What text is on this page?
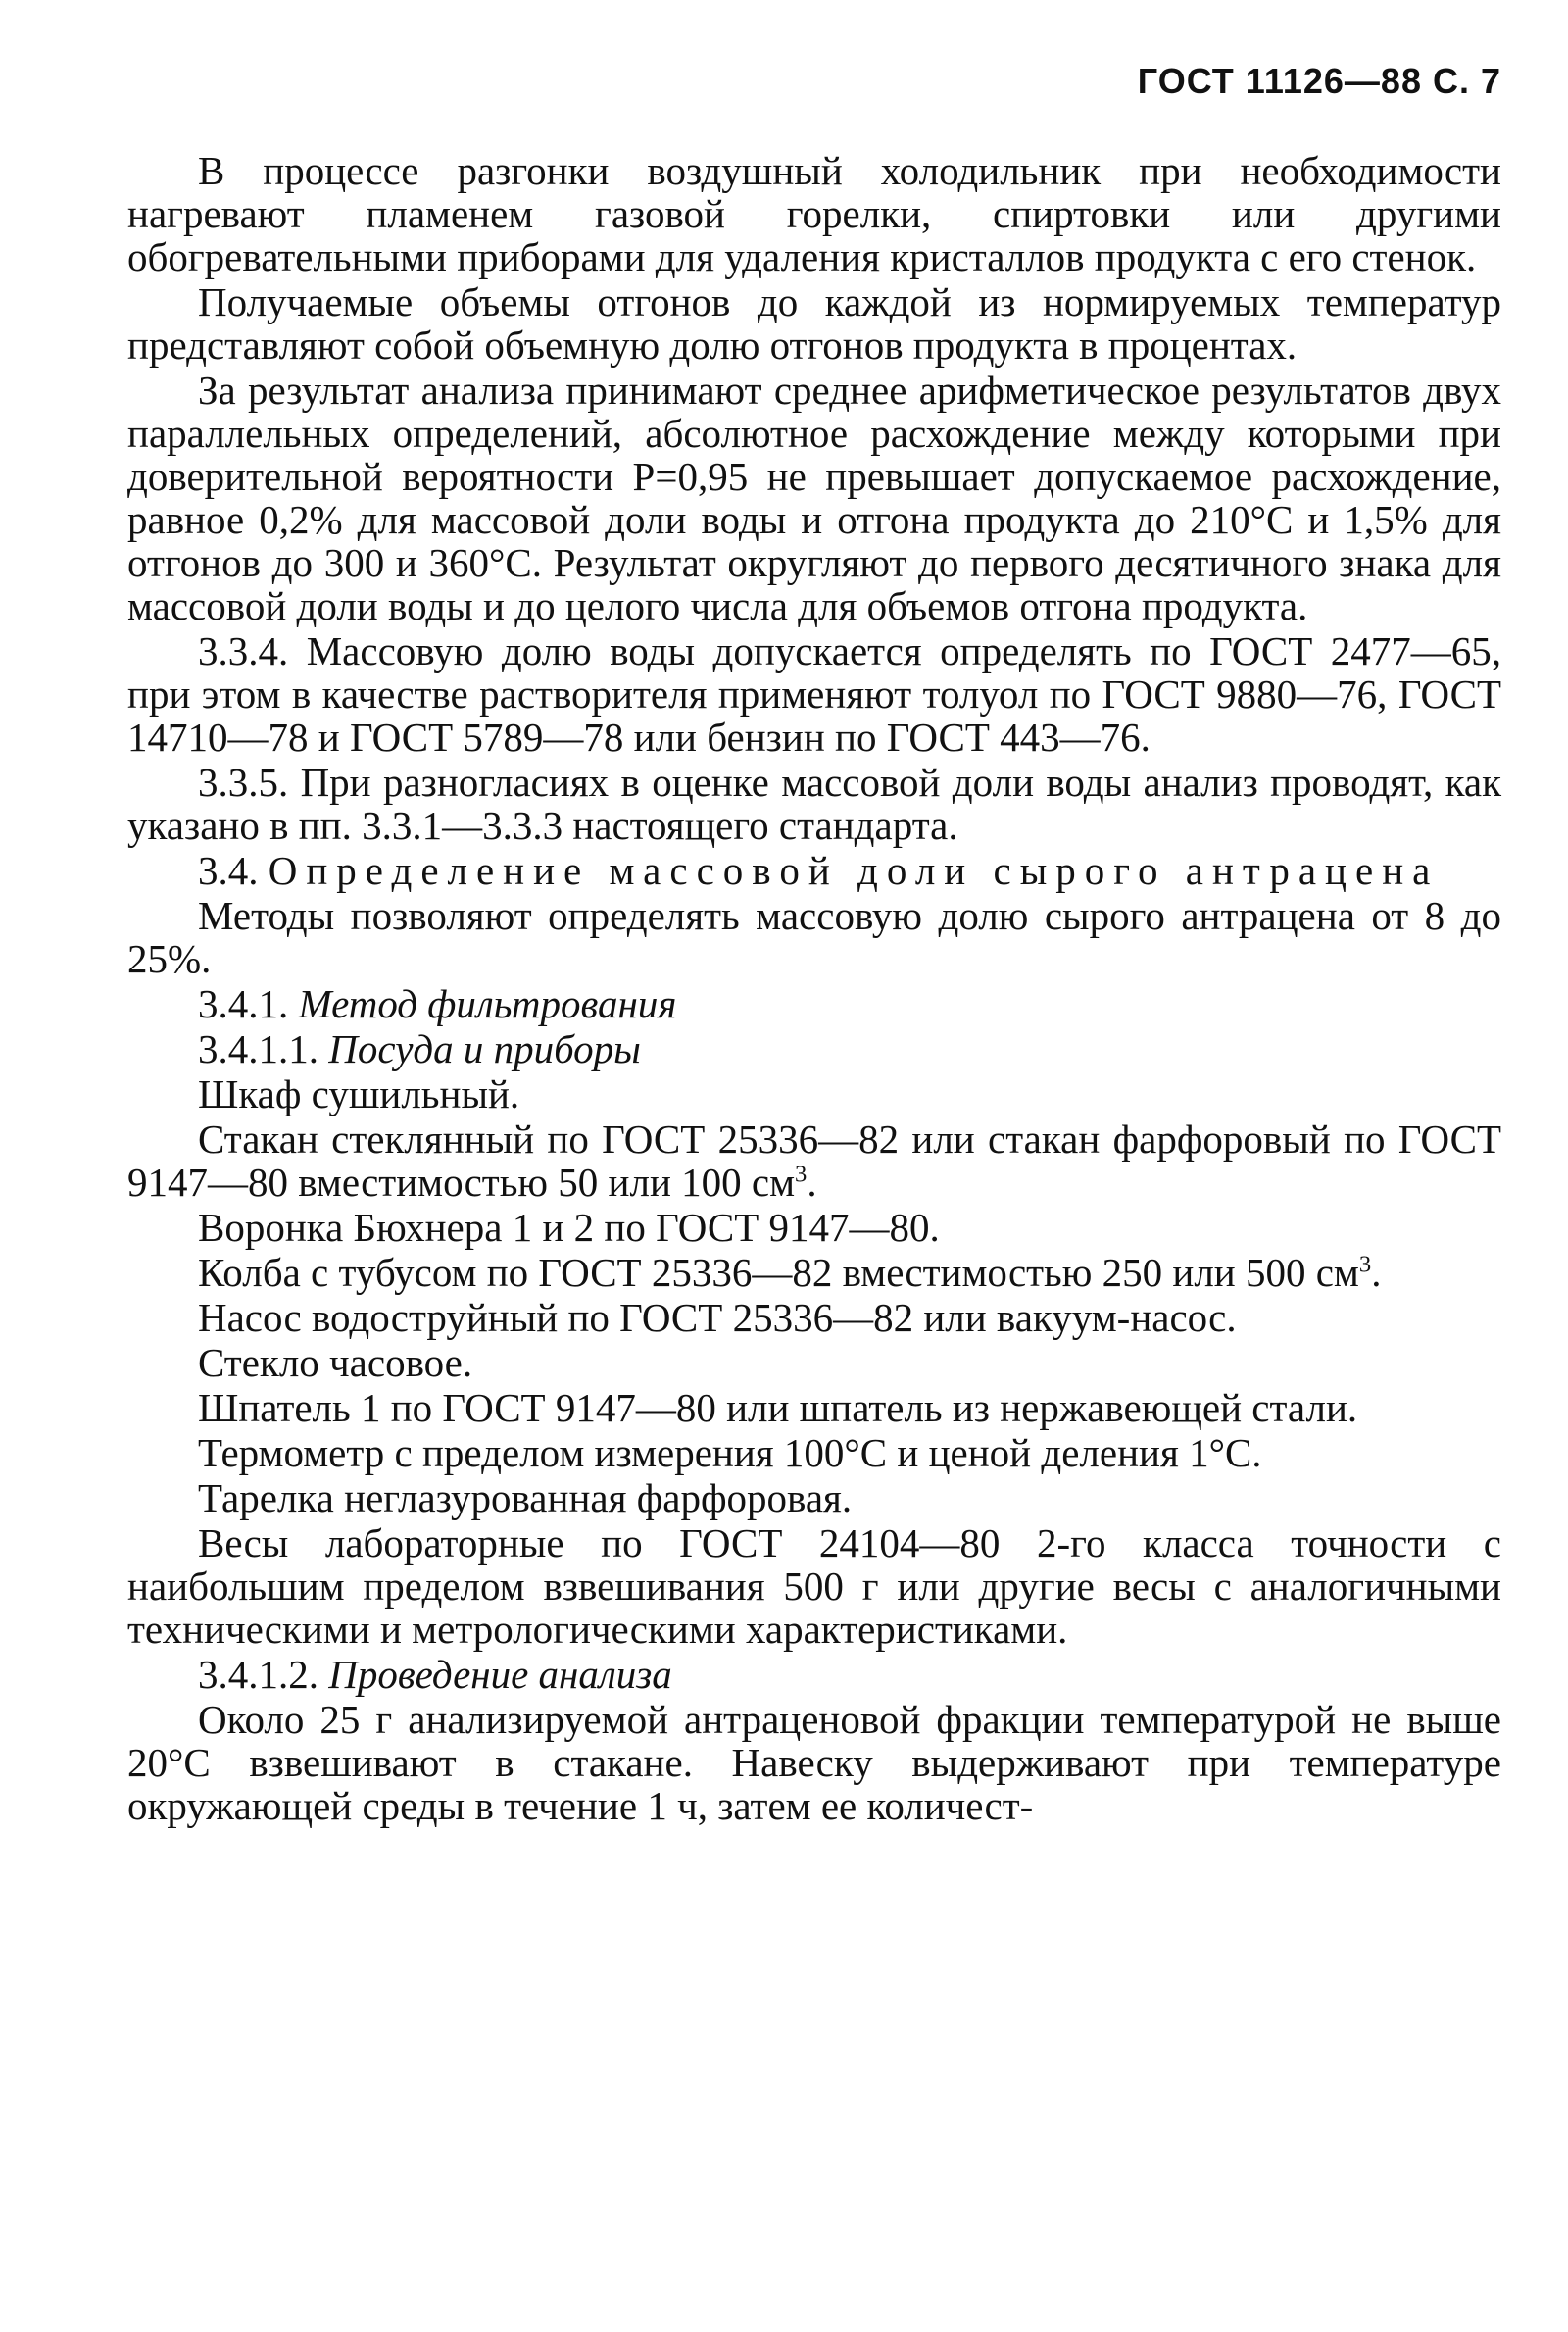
ГОСТ 11126—88 С. 7

В процессе разгонки воздушный холодильник при необходимости нагревают пламенем газовой горелки, спиртовки или другими обогревательными приборами для удаления кристаллов продукта с его стенок.

Получаемые объемы отгонов до каждой из нормируемых температур представляют собой объемную долю отгонов продукта в процентах.

За результат анализа принимают среднее арифметическое результатов двух параллельных определений, абсолютное расхождение между которыми при доверительной вероятности Р=0,95 не превышает допускаемое расхождение, равное 0,2% для массовой доли воды и отгона продукта до 210°С и 1,5% для отгонов до 300 и 360°С. Результат округляют до первого десятичного знака для массовой доли воды и до целого числа для объемов отгона продукта.

3.3.4. Массовую долю воды допускается определять по ГОСТ 2477—65, при этом в качестве растворителя применяют толуол по ГОСТ 9880—76, ГОСТ 14710—78 и ГОСТ 5789—78 или бензин по ГОСТ 443—76.

3.3.5. При разногласиях в оценке массовой доли воды анализ проводят, как указано в пп. 3.3.1—3.3.3 настоящего стандарта.

3.4. Определение массовой доли сырого антрацена

Методы позволяют определять массовую долю сырого антрацена от 8 до 25%.

3.4.1. Метод фильтрования

3.4.1.1. Посуда и приборы

Шкаф сушильный.

Стакан стеклянный по ГОСТ 25336—82 или стакан фарфоровый по ГОСТ 9147—80 вместимостью 50 или 100 $см^3$.

Воронка Бюхнера 1 и 2 по ГОСТ 9147—80.

Колба с тубусом по ГОСТ 25336—82 вместимостью 250 или 500 $см^3$.

Насос водоструйный по ГОСТ 25336—82 или вакуум-насос.

Стекло часовое.

Шпатель 1 по ГОСТ 9147—80 или шпатель из нержавеющей стали.

Термометр с пределом измерения 100°С и ценой деления 1°С.

Тарелка неглазурованная фарфоровая.

Весы лабораторные по ГОСТ 24104—80 2-го класса точности с наибольшим пределом взвешивания 500 г или другие весы с аналогичными техническими и метрологическими характеристиками.

3.4.1.2. Проведение анализа

Около 25 г анализируемой антраценовой фракции температурой не выше 20°С взвешивают в стакане. Навеску выдерживают при температуре окружающей среды в течение 1 ч, затем ее количест-
